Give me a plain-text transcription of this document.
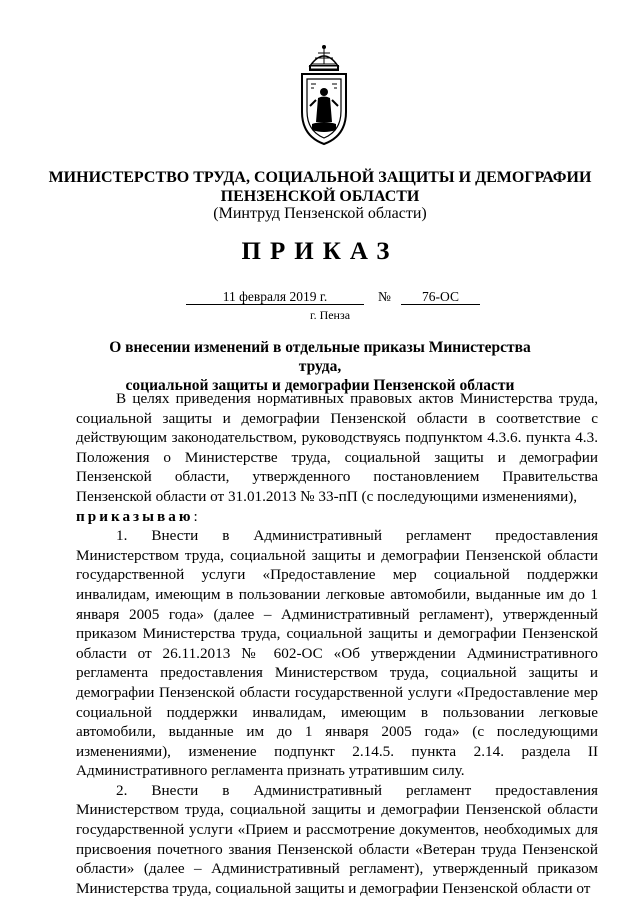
МИНИСТЕРСТВО ТРУДА, СОЦИАЛЬНОЙ ЗАЩИТЫ И ДЕМОГРАФИИ
ПЕНЗЕНСКОЙ ОБЛАСТИ
(Минтруд Пензенской области)
ПРИКАЗ
11 февраля 2019 г.	№	76-ОС
г. Пенза
О внесении изменений в отдельные приказы Министерства труда,
социальной защиты и демографии Пензенской области

В целях приведения нормативных правовых актов Министерства труда, социальной защиты и демографии Пензенской области в соответствие с действующим законодательством, руководствуясь подпунктом 4.3.6. пункта 4.3. Положения о Министерстве труда, социальной защиты и демографии Пензенской области, утвержденного постановлением Правительства Пензенской области от 31.01.2013 № 33-пП (с последующими изменениями),
приказываю:

1. Внести в Административный регламент предоставления Министерством труда, социальной защиты и демографии Пензенской области государственной услуги «Предоставление мер социальной поддержки инвалидам, имеющим в пользовании легковые автомобили, выданные им до 1 января 2005 года» (далее – Административный регламент), утвержденный приказом Министерства труда, социальной защиты и демографии Пензенской области от 26.11.2013 № 602-ОС «Об утверждении Административного регламента предоставления Министерством труда, социальной защиты и демографии Пензенской области государственной услуги «Предоставление мер социальной поддержки инвалидам, имеющим в пользовании легковые автомобили, выданные им до 1 января 2005 года» (с последующими изменениями), изменение подпункт 2.14.5. пункта 2.14. раздела II Административного регламента признать утратившим силу.

2. Внести в Административный регламент предоставления Министерством труда, социальной защиты и демографии Пензенской области государственной услуги «Прием и рассмотрение документов, необходимых для присвоения почетного звания Пензенской области «Ветеран труда Пензенской области» (далее – Административный регламент), утвержденный приказом Министерства труда, социальной защиты и демографии Пензенской области от
